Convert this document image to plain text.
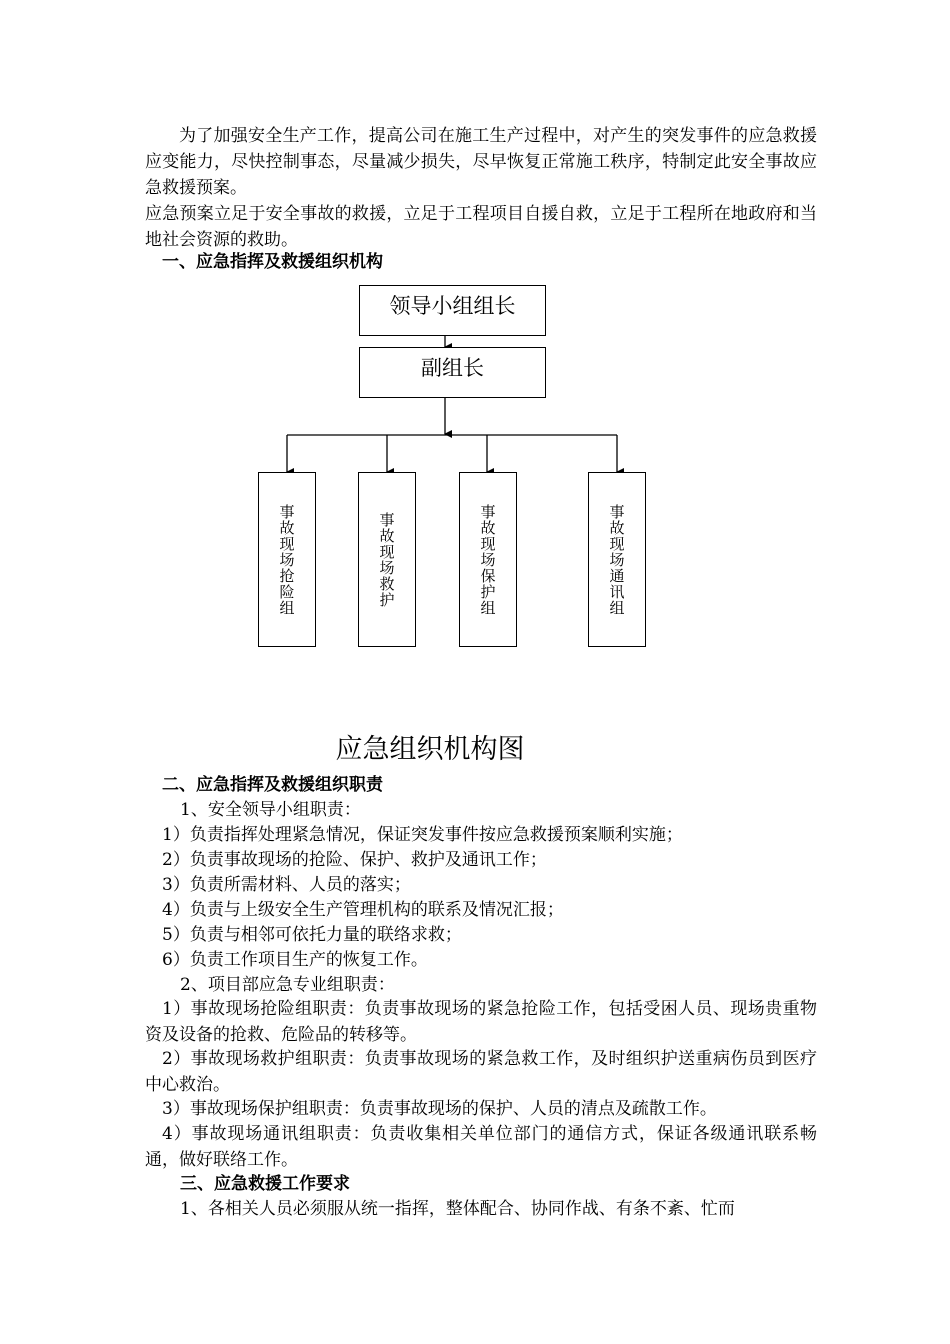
为了加强安全生产工作，提高公司在施工生产过程中，对产生的突发事件的应急救援应变能力，尽快控制事态，尽量减少损失，尽早恢复正常施工秩序，特制定此安全事故应急救援预案。

应急预案立足于安全事故的救援，立足于工程项目自援自救，立足于工程所在地政府和当地社会资源的救助。

一、应急指挥及救援组织机构
领导小组组长
副组长
事故现场抢险组	事故现场救护	事故现场保护组	事故现场通讯组
应急组织机构图
二、应急指挥及救援组织职责
1、安全领导小组职责：
1）负责指挥处理紧急情况，保证突发事件按应急救援预案顺利实施；
2）负责事故现场的抢险、保护、救护及通讯工作；
3）负责所需材料、人员的落实；
4）负责与上级安全生产管理机构的联系及情况汇报；
5）负责与相邻可依托力量的联络求救；
6）负责工作项目生产的恢复工作。
2、项目部应急专业组职责：

1）事故现场抢险组职责：负责事故现场的紧急抢险工作，包括受困人员、现场贵重物资及设备的抢救、危险品的转移等。

2）事故现场救护组职责：负责事故现场的紧急救工作，及时组织护送重病伤员到医疗中心救治。

3）事故现场保护组职责：负责事故现场的保护、人员的清点及疏散工作。

4）事故现场通讯组职责：负责收集相关单位部门的通信方式，保证各级通讯联系畅通，做好联络工作。

三、应急救援工作要求
1、各相关人员必须服从统一指挥，整体配合、协同作战、有条不紊、忙而
